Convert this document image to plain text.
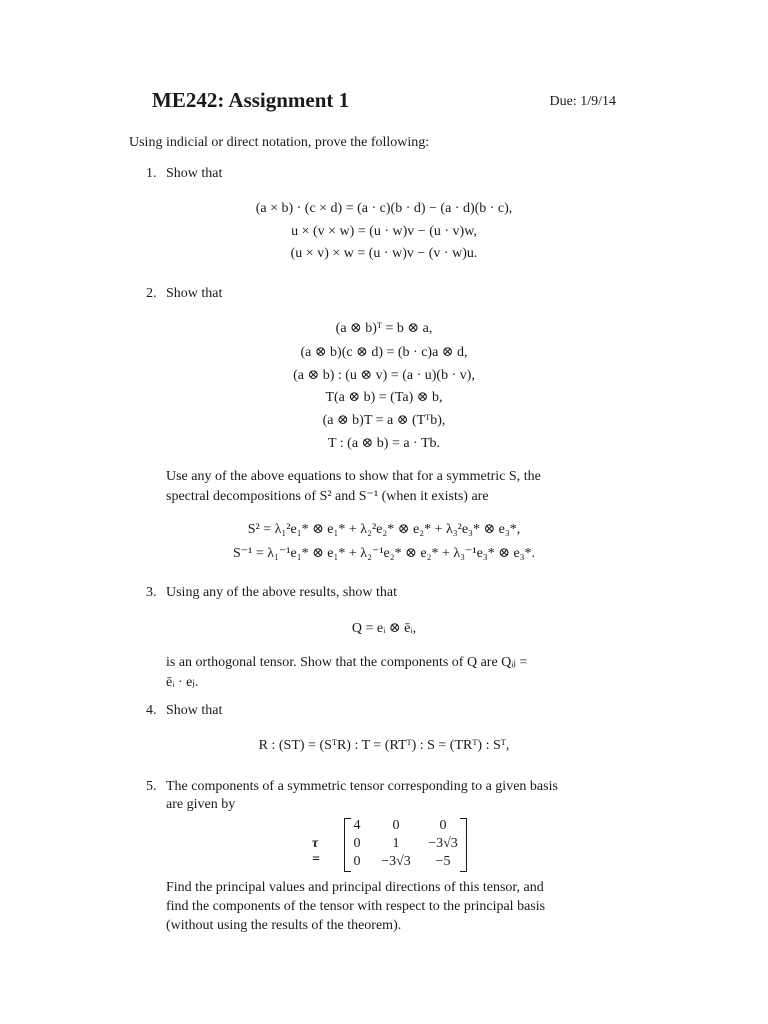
ME242: Assignment 1	Due: 1/9/14
Using indicial or direct notation, prove the following:
1. Show that
(a × b) · (c × d) = (a · c)(b · d) − (a · d)(b · c),
u × (v × w) = (u · w)v − (u · v)w,
(u × v) × w = (u · w)v − (v · w)u.
2. Show that
(a ⊗ b)ᵀ = b ⊗ a,
(a ⊗ b)(c ⊗ d) = (b · c)a ⊗ d,
(a ⊗ b) : (u ⊗ v) = (a · u)(b · v),
T(a ⊗ b) = (Ta) ⊗ b,
(a ⊗ b)T = a ⊗ (Tᵀb),
T : (a ⊗ b) = a · Tb.
Use any of the above equations to show that for a symmetric S, the
spectral decompositions of S² and S⁻¹ (when it exists) are
S² = λ₁²e₁* ⊗ e₁* + λ₂²e₂* ⊗ e₂* + λ₃²e₃* ⊗ e₃*,
S⁻¹ = λ₁⁻¹e₁* ⊗ e₁* + λ₂⁻¹e₂* ⊗ e₂* + λ₃⁻¹e₃* ⊗ e₃*.
3. Using any of the above results, show that
Q = eᵢ ⊗ ēᵢ,
is an orthogonal tensor. Show that the components of Q are Qᵢⱼ =
ēᵢ · eⱼ.
4. Show that
R : (ST) = (SᵀR) : T = (RTᵀ) : S = (TRᵀ) : Sᵀ,
5. The components of a symmetric tensor corresponding to a given basis
are given by
τ =
4	0	0
0	1	−3√3
0	−3√3	−5
Find the principal values and principal directions of this tensor, and
find the components of the tensor with respect to the principal basis
(without using the results of the theorem).
